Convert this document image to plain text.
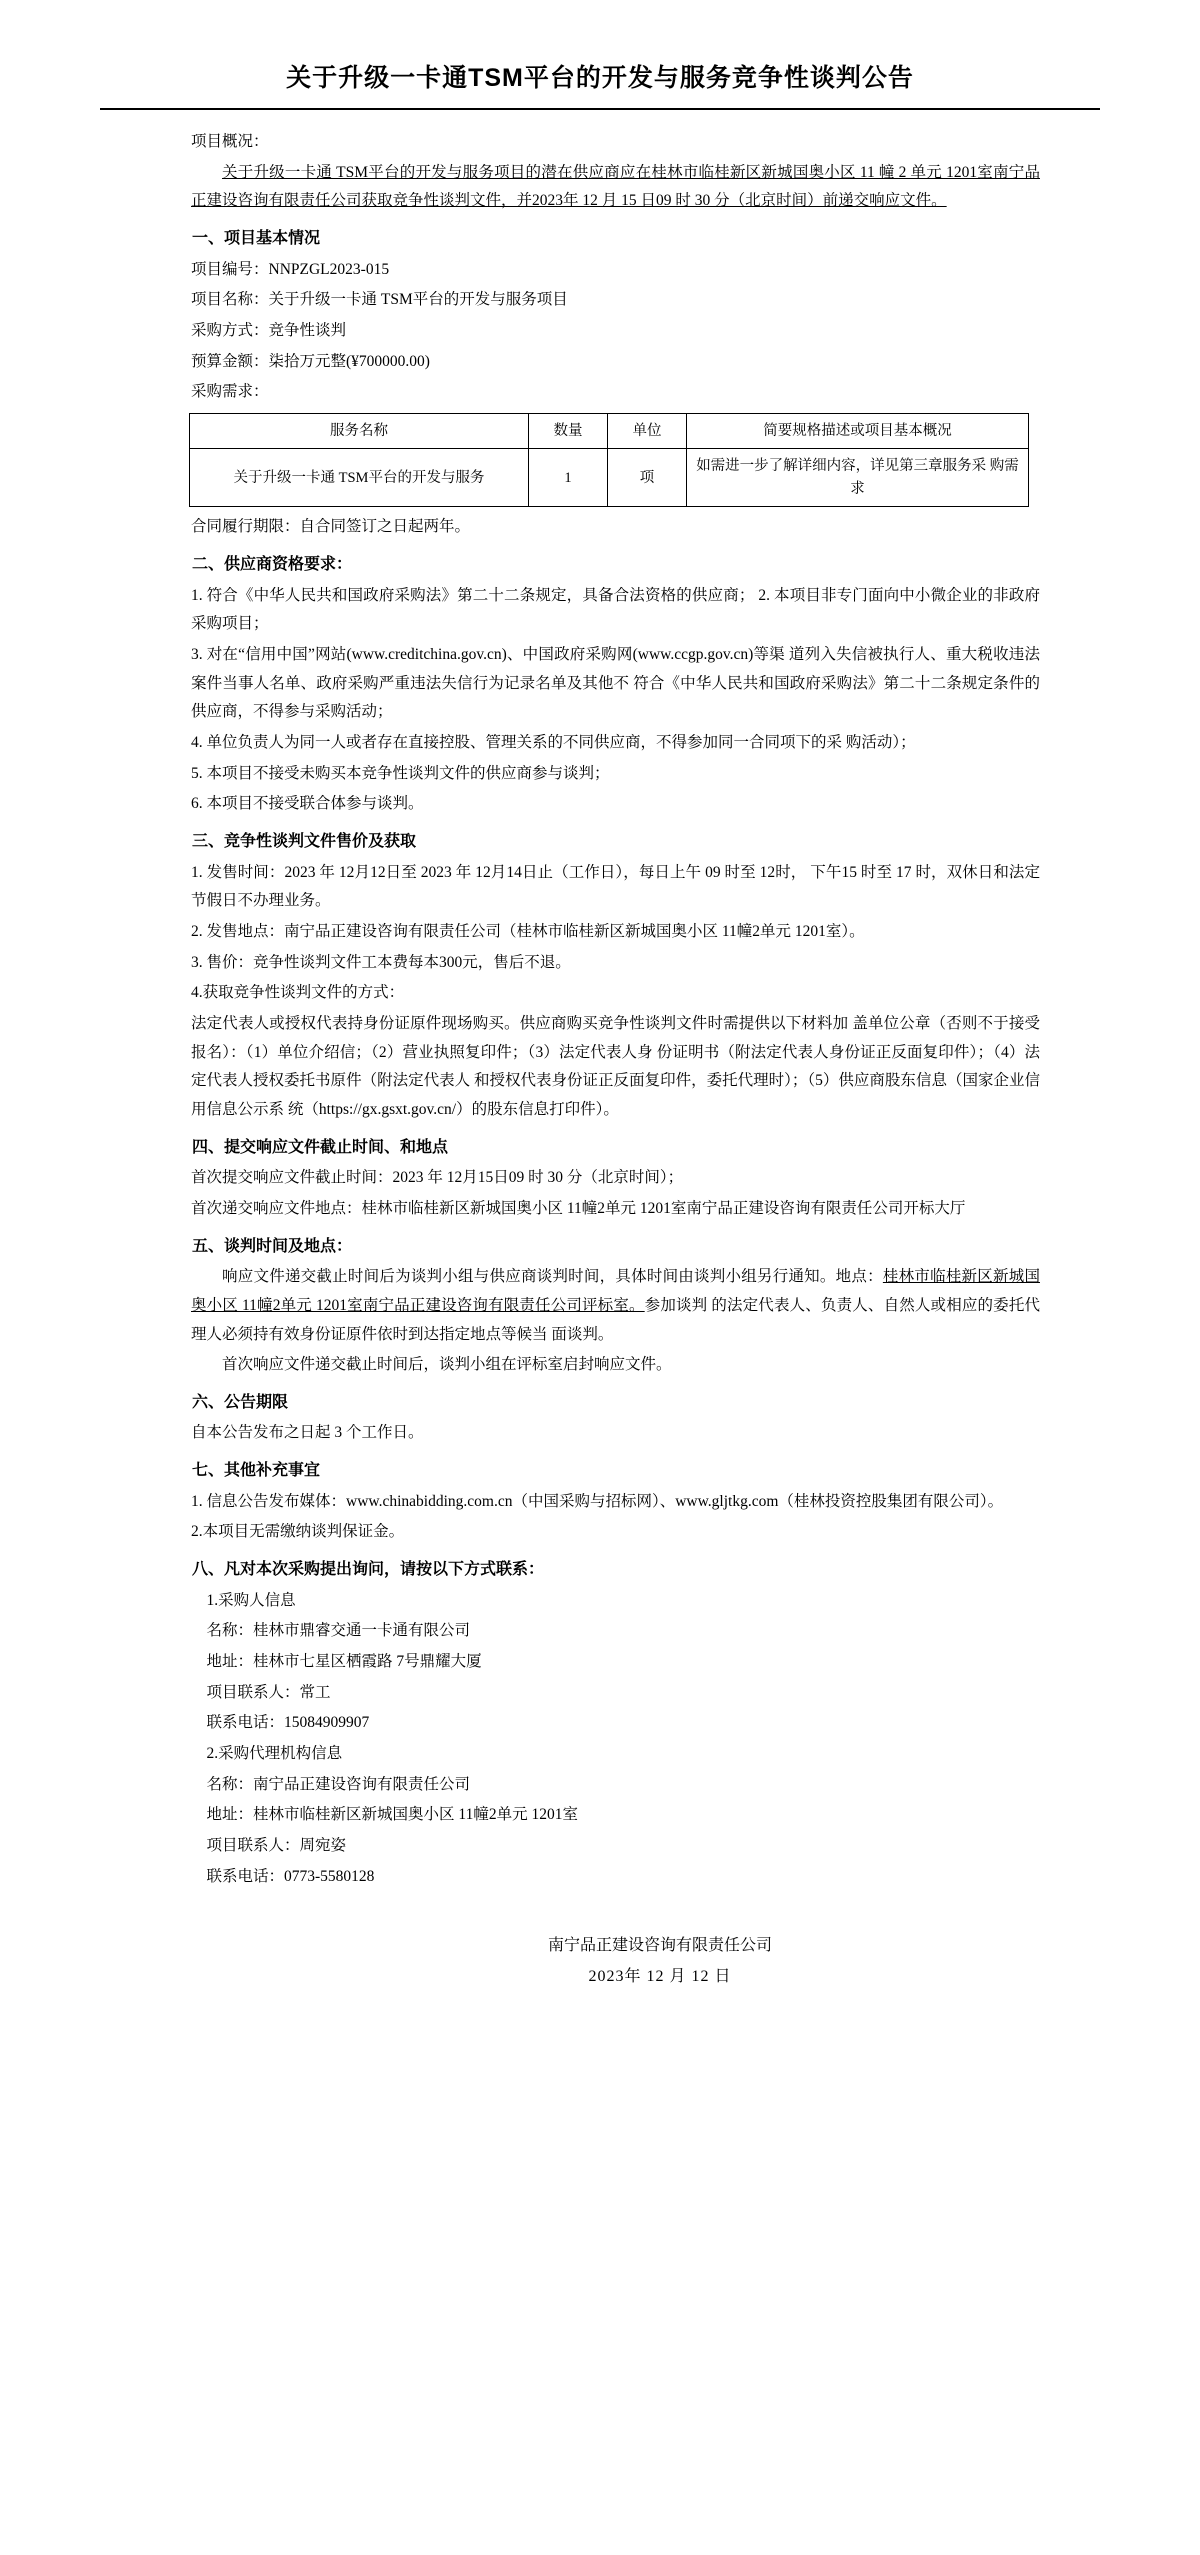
关于升级一卡通TSM平台的开发与服务竞争性谈判公告
项目概况：
关于升级一卡通 TSM平台的开发与服务项目的潜在供应商应在桂林市临桂新区新城国奥小区 11 幢 2 单元 1201室南宁品正建设咨询有限责任公司获取竞争性谈判文件，并2023年 12 月 15 日09 时 30 分（北京时间）前递交响应文件。
一、项目基本情况
项目编号：NNPZGL2023-015
项目名称：关于升级一卡通 TSM平台的开发与服务项目
采购方式：竞争性谈判
预算金额：柒拾万元整(¥700000.00)
采购需求：
服务名称	数量	单位	简要规格描述或项目基本概况
关于升级一卡通 TSM平台的开发与服务	1	项	如需进一步了解详细内容，详见第三章服务采 购需求
合同履行期限：自合同签订之日起两年。
二、供应商资格要求：
1. 符合《中华人民共和国政府采购法》第二十二条规定，具备合法资格的供应商； 2. 本项目非专门面向中小微企业的非政府采购项目；
3. 对在“信用中国”网站(www.creditchina.gov.cn)、中国政府采购网(www.ccgp.gov.cn)等渠 道列入失信被执行人、重大税收违法案件当事人名单、政府采购严重违法失信行为记录名单及其他不 符合《中华人民共和国政府采购法》第二十二条规定条件的供应商，不得参与采购活动；
4. 单位负责人为同一人或者存在直接控股、管理关系的不同供应商，不得参加同一合同项下的采 购活动）；
5. 本项目不接受未购买本竞争性谈判文件的供应商参与谈判；
6. 本项目不接受联合体参与谈判。
三、竞争性谈判文件售价及获取
1. 发售时间：2023 年 12月12日至 2023 年 12月14日止（工作日），每日上午 09 时至 12时， 下午15 时至 17 时，双休日和法定节假日不办理业务。
2. 发售地点：南宁品正建设咨询有限责任公司（桂林市临桂新区新城国奥小区 11幢2单元 1201室）。
3. 售价：竞争性谈判文件工本费每本300元，售后不退。
4.获取竞争性谈判文件的方式：
法定代表人或授权代表持身份证原件现场购买。供应商购买竞争性谈判文件时需提供以下材料加 盖单位公章（否则不于接受报名）：（1）单位介绍信；（2）营业执照复印件；（3）法定代表人身 份证明书（附法定代表人身份证正反面复印件）；（4）法定代表人授权委托书原件（附法定代表人 和授权代表身份证正反面复印件，委托代理时）；（5）供应商股东信息（国家企业信用信息公示系 统（https://gx.gsxt.gov.cn/）的股东信息打印件）。
四、提交响应文件截止时间、和地点
首次提交响应文件截止时间：2023 年 12月15日09 时 30 分（北京时间）；
首次递交响应文件地点：桂林市临桂新区新城国奥小区 11幢2单元 1201室南宁品正建设咨询有限责任公司开标大厅
五、谈判时间及地点：
响应文件递交截止时间后为谈判小组与供应商谈判时间，具体时间由谈判小组另行通知。地点：桂林市临桂新区新城国奥小区 11幢2单元 1201室南宁品正建设咨询有限责任公司评标室。参加谈判 的法定代表人、负责人、自然人或相应的委托代理人必须持有效身份证原件依时到达指定地点等候当 面谈判。
首次响应文件递交截止时间后，谈判小组在评标室启封响应文件。
六、公告期限
自本公告发布之日起 3 个工作日。
七、其他补充事宜
1. 信息公告发布媒体：www.chinabidding.com.cn（中国采购与招标网）、www.gljtkg.com（桂林投资控股集团有限公司）。
2.本项目无需缴纳谈判保证金。
八、凡对本次采购提出询问，请按以下方式联系：
1.采购人信息
名称：桂林市鼎睿交通一卡通有限公司
地址：桂林市七星区栖霞路 7号鼎耀大厦
项目联系人：常工
联系电话：15084909907
2.采购代理机构信息
名称：南宁品正建设咨询有限责任公司
地址：桂林市临桂新区新城国奥小区 11幢2单元 1201室
项目联系人：周宛姿
联系电话：0773-5580128
南宁品正建设咨询有限责任公司
2023年 12 月 12 日
